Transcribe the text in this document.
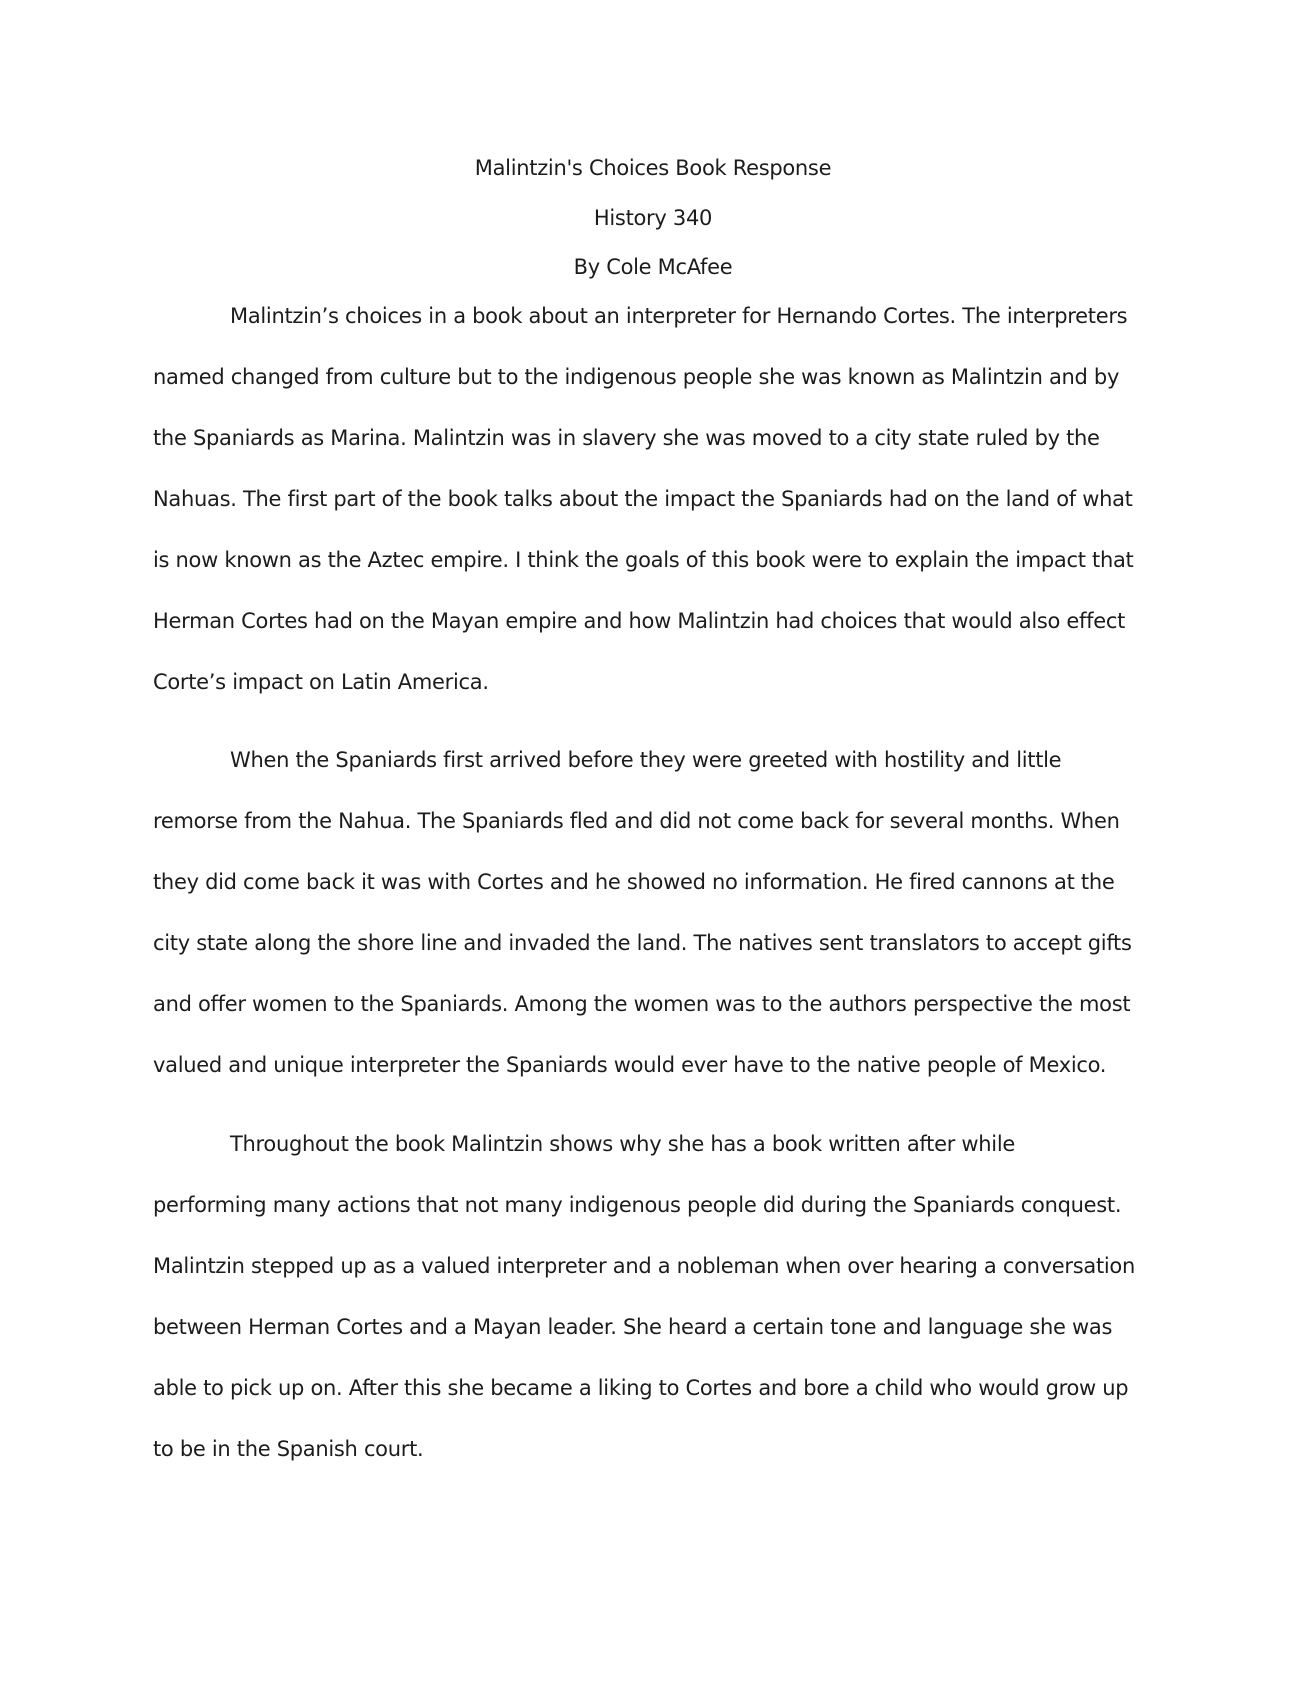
Malintzin's Choices Book Response
History 340
By Cole McAfee
Malintzin’s choices in a book about an interpreter for Hernando Cortes. The interpreters
named changed from culture but to the indigenous people she was known as Malintzin and by
the Spaniards as Marina. Malintzin was in slavery she was moved to a city state ruled by the
Nahuas. The first part of the book talks about the impact the Spaniards had on the land of what
is now known as the Aztec empire. I think the goals of this book were to explain the impact that
Herman Cortes had on the Mayan empire and how Malintzin had choices that would also effect
Corte’s impact on Latin America.
When the Spaniards first arrived before they were greeted with hostility and little
remorse from the Nahua. The Spaniards fled and did not come back for several months. When
they did come back it was with Cortes and he showed no information. He fired cannons at the
city state along the shore line and invaded the land. The natives sent translators to accept gifts
and offer women to the Spaniards. Among the women was to the authors perspective the most
valued and unique interpreter the Spaniards would ever have to the native people of Mexico.
Throughout the book Malintzin shows why she has a book written after while
performing many actions that not many indigenous people did during the Spaniards conquest.
Malintzin stepped up as a valued interpreter and a nobleman when over hearing a conversation
between Herman Cortes and a Mayan leader. She heard a certain tone and language she was
able to pick up on. After this she became a liking to Cortes and bore a child who would grow up
to be in the Spanish court.
